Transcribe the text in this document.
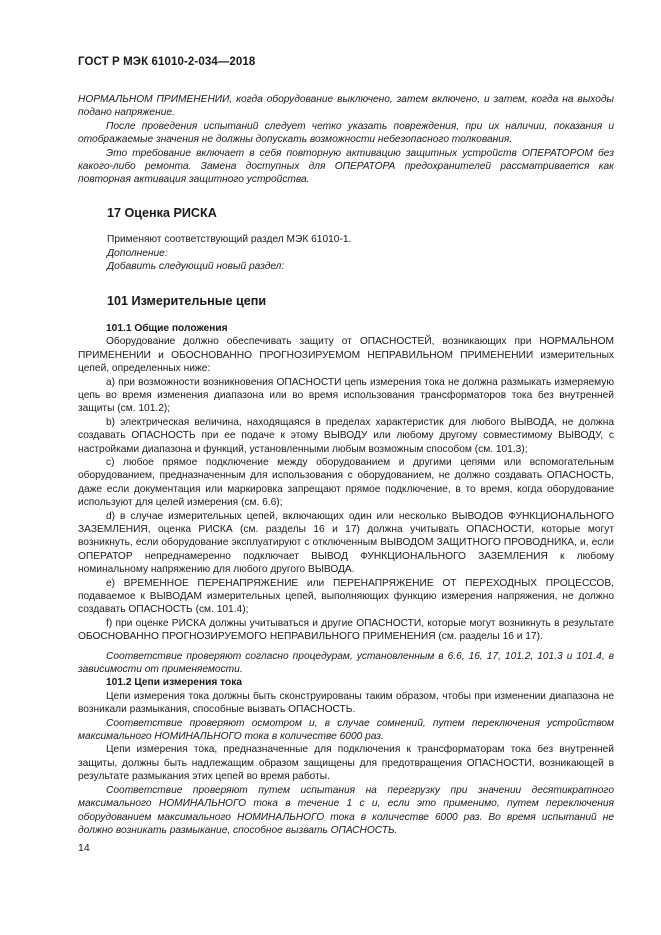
ГОСТ Р МЭК 61010-2-034—2018

НОРМАЛЬНОМ ПРИМЕНЕНИИ, когда оборудование выключено, затем включено, и затем, когда на выходы подано напряжение.

После проведения испытаний следует четко указать повреждения, при их наличии, показания и отображаемые значения не должны допускать возможности небезопасного толкования.

Это требование включает в себя повторную активацию защитных устройств ОПЕРАТОРОМ без какого-либо ремонта. Замена доступных для ОПЕРАТОРА предохранителей рассматривается как повторная активация защитного устройства.

17 Оценка РИСКА

Применяют соответствующий раздел МЭК 61010-1.

Дополнение:

Добавить следующий новый раздел:

101 Измерительные цепи

101.1 Общие положения

Оборудование должно обеспечивать защиту от ОПАСНОСТЕЙ, возникающих при НОРМАЛЬНОМ ПРИМЕНЕНИИ и ОБОСНОВАННО ПРОГНОЗИРУЕМОМ НЕПРАВИЛЬНОМ ПРИМЕНЕНИИ измерительных цепей, определенных ниже:

a) при возможности возникновения ОПАСНОСТИ цепь измерения тока не должна размыкать измеряемую цепь во время изменения диапазона или во время использования трансформаторов тока без внутренней защиты (см. 101.2);

b) электрическая величина, находящаяся в пределах характеристик для любого ВЫВОДА, не должна создавать ОПАСНОСТЬ при ее подаче к этому ВЫВОДУ или любому другому совместимому ВЫВОДУ, с настройками диапазона и функций, установленными любым возможным способом (см. 101.3);

c) любое прямое подключение между оборудованием и другими цепями или вспомогательным оборудованием, предназначенным для использования с оборудованием, не должно создавать ОПАСНОСТЬ, даже если документация или маркировка запрещают прямое подключение, в то время, когда оборудование используют для целей измерения (см. 6.6);

d) в случае измерительных цепей, включающих один или несколько ВЫВОДОВ ФУНКЦИОНАЛЬНОГО ЗАЗЕМЛЕНИЯ, оценка РИСКА (см. разделы 16 и 17) должна учитывать ОПАСНОСТИ, которые могут возникнуть, если оборудование эксплуатируют с отключенным ВЫВОДОМ ЗАЩИТНОГО ПРОВОДНИКА, и, если ОПЕРАТОР непреднамеренно подключает ВЫВОД ФУНКЦИОНАЛЬНОГО ЗАЗЕМЛЕНИЯ к любому номинальному напряжению для любого другого ВЫВОДА.

e) ВРЕМЕННОЕ ПЕРЕНАПРЯЖЕНИЕ или ПЕРЕНАПРЯЖЕНИЕ ОТ ПЕРЕХОДНЫХ ПРОЦЕССОВ, подаваемое к ВЫВОДАМ измерительных цепей, выполняющих функцию измерения напряжения, не должно создавать ОПАСНОСТЬ (см. 101.4);

f) при оценке РИСКА должны учитываться и другие ОПАСНОСТИ, которые могут возникнуть в результате ОБОСНОВАННО ПРОГНОЗИРУЕМОГО НЕПРАВИЛЬНОГО ПРИМЕНЕНИЯ (см. разделы 16 и 17).

Соответствие проверяют согласно процедурам, установленным в 6.6, 16, 17, 101.2, 101.3 и 101.4, в зависимости от применяемости.

101.2 Цепи измерения тока

Цепи измерения тока должны быть сконструированы таким образом, чтобы при изменении диапазона не возникали размыкания, способные вызвать ОПАСНОСТЬ.

Соответствие проверяют осмотром и, в случае сомнений, путем переключения устройством максимального НОМИНАЛЬНОГО тока в количестве 6000 раз.

Цепи измерения тока, предназначенные для подключения к трансформаторам тока без внутренней защиты, должны быть надлежащим образом защищены для предотвращения ОПАСНОСТИ, возникающей в результате размыкания этих цепей во время работы.

Соответствие проверяют путем испытания на перегрузку при значении десятикратного максимального НОМИНАЛЬНОГО тока в течение 1 с и, если это применимо, путем переключения оборудованием максимального НОМИНАЛЬНОГО тока в количестве 6000 раз. Во время испытаний не должно возникать размыкание, способное вызвать ОПАСНОСТЬ.

14
